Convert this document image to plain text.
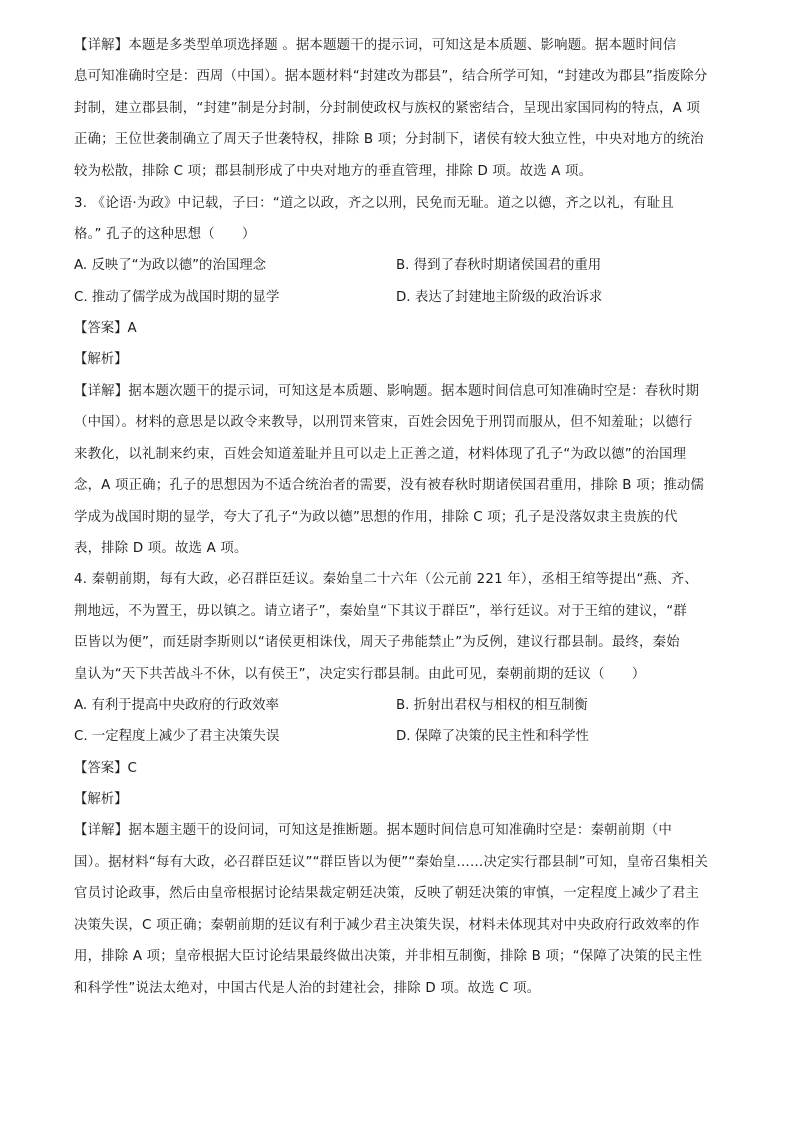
【详解】本题是多类型单项选择题 。据本题题干的提示词，可知这是本质题、影响题。据本题时间信
息可知准确时空是：西周（中国）。据本题材料“封建改为郡县”，结合所学可知，“封建改为郡县”指废除分
封制，建立郡县制，“封建”制是分封制，分封制使政权与族权的紧密结合，呈现出家国同构的特点，A 项
正确；王位世袭制确立了周天子世袭特权，排除 B 项；分封制下，诸侯有较大独立性，中央对地方的统治
较为松散，排除 C 项；郡县制形成了中央对地方的垂直管理，排除 D 项。故选 A 项。
3. 《论语·为政》中记载，子曰：“道之以政，齐之以刑，民免而无耻。道之以德，齐之以礼，有耻且
格。” 孔子的这种思想（　　）
A. 反映了“为政以德”的治国理念	B. 得到了春秋时期诸侯国君的重用
C. 推动了儒学成为战国时期的显学	D. 表达了封建地主阶级的政治诉求
【答案】A
【解析】
【详解】据本题次题干的提示词，可知这是本质题、影响题。据本题时间信息可知准确时空是：春秋时期
（中国）。材料的意思是以政令来教导，以刑罚来管束，百姓会因免于刑罚而服从，但不知羞耻；以德行
来教化，以礼制来约束，百姓会知道羞耻并且可以走上正善之道，材料体现了孔子“为政以德”的治国理
念，A 项正确；孔子的思想因为不适合统治者的需要，没有被春秋时期诸侯国君重用，排除 B 项；推动儒
学成为战国时期的显学，夸大了孔子“为政以德”思想的作用，排除 C 项；孔子是没落奴隶主贵族的代
表，排除 D 项。故选 A 项。
4. 秦朝前期，每有大政，必召群臣廷议。秦始皇二十六年（公元前 221 年），丞相王绾等提出“燕、齐、
荆地远，不为置王，毋以镇之。请立诸子”，秦始皇“下其议于群臣”，举行廷议。对于王绾的建议，“群
臣皆以为便”，而廷尉李斯则以“诸侯更相诛伐，周天子弗能禁止”为反例，建议行郡县制。最终，秦始
皇认为“天下共苦战斗不休，以有侯王”，决定实行郡县制。由此可见，秦朝前期的廷议（　　）
A. 有利于提高中央政府的行政效率	B. 折射出君权与相权的相互制衡
C. 一定程度上减少了君主决策失误	D. 保障了决策的民主性和科学性
【答案】C
【解析】
【详解】据本题主题干的设问词，可知这是推断题。据本题时间信息可知准确时空是：秦朝前期（中
国）。据材料“每有大政，必召群臣廷议”“群臣皆以为便”“秦始皇……决定实行郡县制”可知，皇帝召集相关
官员讨论政事，然后由皇帝根据讨论结果裁定朝廷决策，反映了朝廷决策的审慎，一定程度上减少了君主
决策失误，C 项正确；秦朝前期的廷议有利于减少君主决策失误，材料未体现其对中央政府行政效率的作
用，排除 A 项；皇帝根据大臣讨论结果最终做出决策，并非相互制衡，排除 B 项；“保障了决策的民主性
和科学性”说法太绝对，中国古代是人治的封建社会，排除 D 项。故选 C 项。
